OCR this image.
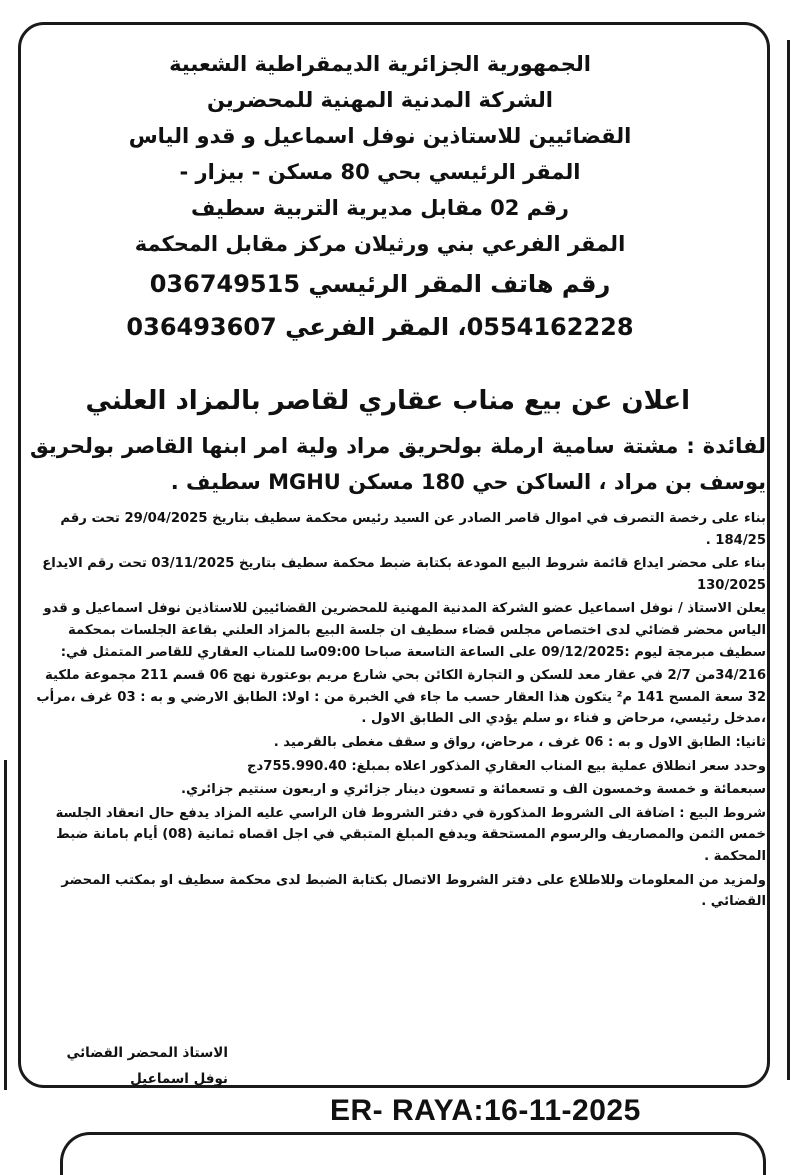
الجمهورية الجزائرية الديمقراطية الشعبية
الشركة المدنية المهنية للمحضرين
القضائيين للاستاذين نوفل اسماعيل و قدو الياس
المقر الرئيسي بحي 80 مسكن - بيزار -
رقم 02 مقابل مديرية التربية سطيف
المقر الفرعي بني ورثيلان مركز مقابل المحكمة
رقم هاتف المقر الرئيسي 036749515
0554162228، المقر الفرعي 036493607
اعلان عن بيع مناب عقاري لقاصر بالمزاد العلني
لفائدة : مشتة سامية ارملة بولحريق مراد ولية امر ابنها القاصر بولحريق يوسف بن مراد ، الساكن حي 180 مسكن MGHU سطيف .

بناء على رخصة التصرف في اموال قاصر الصادر عن السيد رئيس محكمة سطيف بتاريخ 29/04/2025 تحت رقم 184/25 .

بناء على محضر ايداع قائمة شروط البيع المودعة بكتابة ضبط محكمة سطيف بتاريخ 03/11/2025 تحت رقم الايداع 130/2025

يعلن الاستاذ / نوفل اسماعيل عضو الشركة المدنية المهنية للمحضرين القضائيين للاستاذين نوفل اسماعيل و قدو الياس محضر قضائي لدى اختصاص مجلس قضاء سطيف ان جلسة البيع بالمزاد العلني بقاعة الجلسات بمحكمة سطيف مبرمجة ليوم :09/12/2025 على الساعة التاسعة صباحا 09:00سا للمناب العقاري للقاصر المتمثل في:

34/216من 2/7 في عقار معد للسكن و التجارة الكائن بحي شارع مريم بوعتورة نهج 06 قسم 211 مجموعة ملكية 32 سعة المسح 141 م² يتكون هذا العقار حسب ما جاء في الخبرة من : اولا: الطابق الارضي و به : 03 غرف ،مرأب ،مدخل رئيسي، مرحاض و فناء ،و سلم يؤدي الى الطابق الاول .

ثانيا: الطابق الاول و به : 06 غرف ، مرحاض، رواق و سقف مغطى بالقرميد .

وحدد سعر انطلاق عملية بيع المناب العقاري المذكور اعلاه بمبلغ: 755.990.40دج

سبعمائة و خمسة وخمسون الف و تسعمائة و تسعون دينار جزائري و اربعون سنتيم جزائري.

شروط البيع : اضافة الى الشروط المذكورة في دفتر الشروط فان الراسي عليه المزاد يدفع حال انعقاد الجلسة خمس الثمن والمصاريف والرسوم المستحقة ويدفع المبلغ المتبقي في اجل اقصاه ثمانية (08) أيام بامانة ضبط المحكمة .

ولمزيد من المعلومات وللاطلاع على دفتر الشروط الاتصال بكتابة الضبط لدى محكمة سطيف او بمكتب المحضر القضائي .

الاستاذ المحضر القضائي
نوفل اسماعيل
ER- RAYA:16-11-2025
